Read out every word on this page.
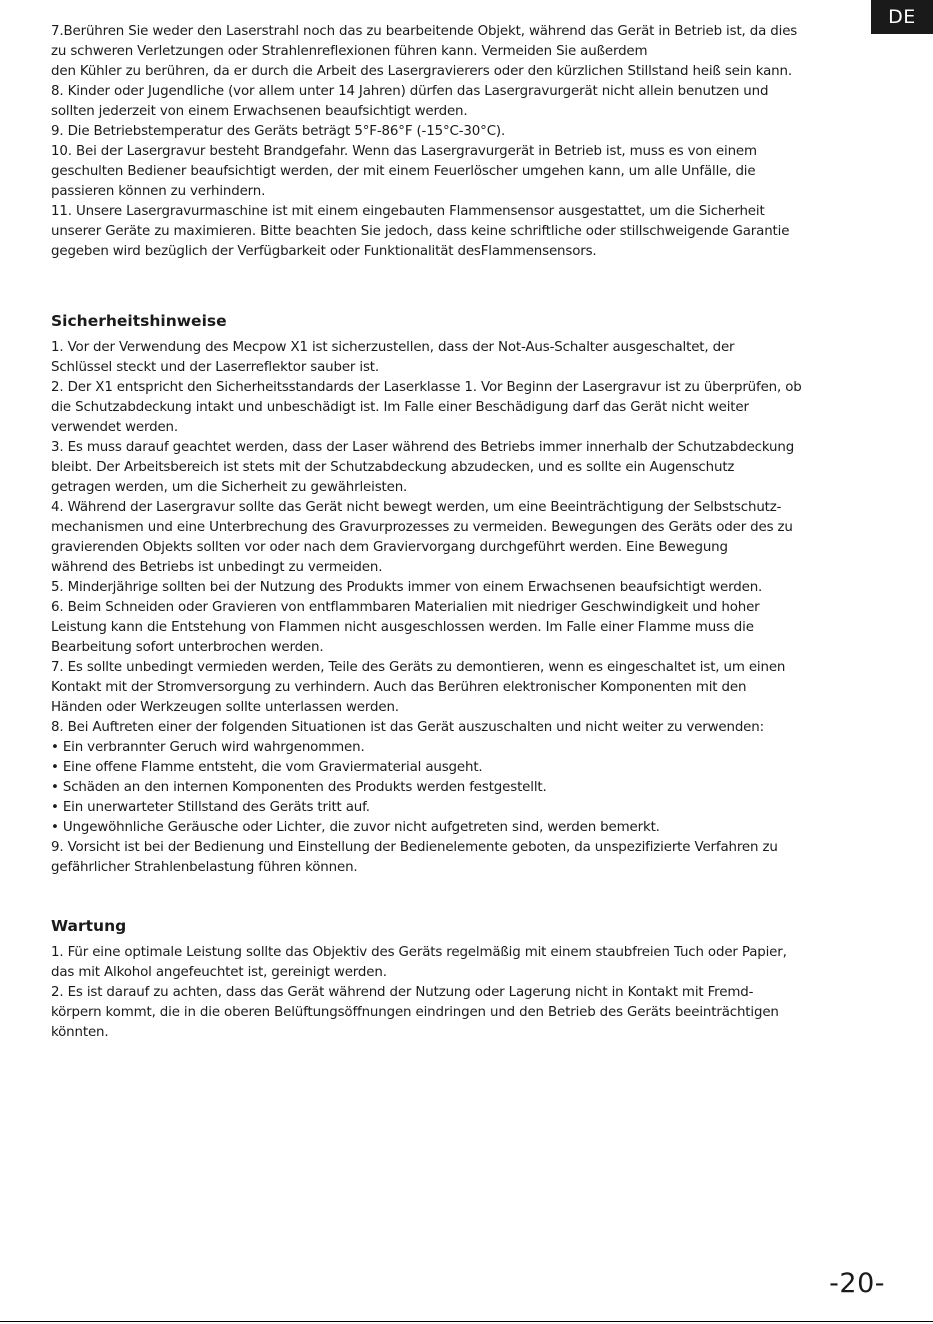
DE
7.Berühren Sie weder den Laserstrahl noch das zu bearbeitende Objekt, während das Gerät in Betrieb ist, da dies
zu schweren Verletzungen oder Strahlenreflexionen führen kann. Vermeiden Sie außerdem
den Kühler zu berühren, da er durch die Arbeit des Lasergravierers oder den kürzlichen Stillstand heiß sein kann.
8. Kinder oder Jugendliche (vor allem unter 14 Jahren) dürfen das Lasergravurgerät nicht allein benutzen und
sollten jederzeit von einem Erwachsenen beaufsichtigt werden.
9. Die Betriebstemperatur des Geräts beträgt 5°F-86°F (-15°C-30°C).
10. Bei der Lasergravur besteht Brandgefahr. Wenn das Lasergravurgerät in Betrieb ist, muss es von einem
geschulten Bediener beaufsichtigt werden, der mit einem Feuerlöscher umgehen kann, um alle Unfälle, die
passieren können zu verhindern.
11. Unsere Lasergravurmaschine ist mit einem eingebauten Flammensensor ausgestattet, um die Sicherheit
unserer Geräte zu maximieren. Bitte beachten Sie jedoch, dass keine schriftliche oder stillschweigende Garantie
gegeben wird bezüglich der Verfügbarkeit oder Funktionalität desFlammensensors.
Sicherheitshinweise
1. Vor der Verwendung des Mecpow X1 ist sicherzustellen, dass der Not-Aus-Schalter ausgeschaltet, der
Schlüssel steckt und der Laserreflektor sauber ist.
2. Der X1 entspricht den Sicherheitsstandards der Laserklasse 1. Vor Beginn der Lasergravur ist zu überprüfen, ob
die Schutzabdeckung intakt und unbeschädigt ist. Im Falle einer Beschädigung darf das Gerät nicht weiter
verwendet werden.
3. Es muss darauf geachtet werden, dass der Laser während des Betriebs immer innerhalb der Schutzabdeckung
bleibt. Der Arbeitsbereich ist stets mit der Schutzabdeckung abzudecken, und es sollte ein Augenschutz
getragen werden, um die Sicherheit zu gewährleisten.
4. Während der Lasergravur sollte das Gerät nicht bewegt werden, um eine Beeinträchtigung der Selbstschutz-
mechanismen und eine Unterbrechung des Gravurprozesses zu vermeiden. Bewegungen des Geräts oder des zu
gravierenden Objekts sollten vor oder nach dem Graviervorgang durchgeführt werden. Eine Bewegung
während des Betriebs ist unbedingt zu vermeiden.
5. Minderjährige sollten bei der Nutzung des Produkts immer von einem Erwachsenen beaufsichtigt werden.
6. Beim Schneiden oder Gravieren von entflammbaren Materialien mit niedriger Geschwindigkeit und hoher
Leistung kann die Entstehung von Flammen nicht ausgeschlossen werden. Im Falle einer Flamme muss die
Bearbeitung sofort unterbrochen werden.
7. Es sollte unbedingt vermieden werden, Teile des Geräts zu demontieren, wenn es eingeschaltet ist, um einen
Kontakt mit der Stromversorgung zu verhindern. Auch das Berühren elektronischer Komponenten mit den
Händen oder Werkzeugen sollte unterlassen werden.
8. Bei Auftreten einer der folgenden Situationen ist das Gerät auszuschalten und nicht weiter zu verwenden:
• Ein verbrannter Geruch wird wahrgenommen.
• Eine offene Flamme entsteht, die vom Graviermaterial ausgeht.
• Schäden an den internen Komponenten des Produkts werden festgestellt.
• Ein unerwarteter Stillstand des Geräts tritt auf.
• Ungewöhnliche Geräusche oder Lichter, die zuvor nicht aufgetreten sind, werden bemerkt.
9. Vorsicht ist bei der Bedienung und Einstellung der Bedienelemente geboten, da unspezifizierte Verfahren zu
gefährlicher Strahlenbelastung führen können.
Wartung
1. Für eine optimale Leistung sollte das Objektiv des Geräts regelmäßig mit einem staubfreien Tuch oder Papier,
das mit Alkohol angefeuchtet ist, gereinigt werden.
2. Es ist darauf zu achten, dass das Gerät während der Nutzung oder Lagerung nicht in Kontakt mit Fremd-
körpern kommt, die in die oberen Belüftungsöffnungen eindringen und den Betrieb des Geräts beeinträchtigen
könnten.
-20-
